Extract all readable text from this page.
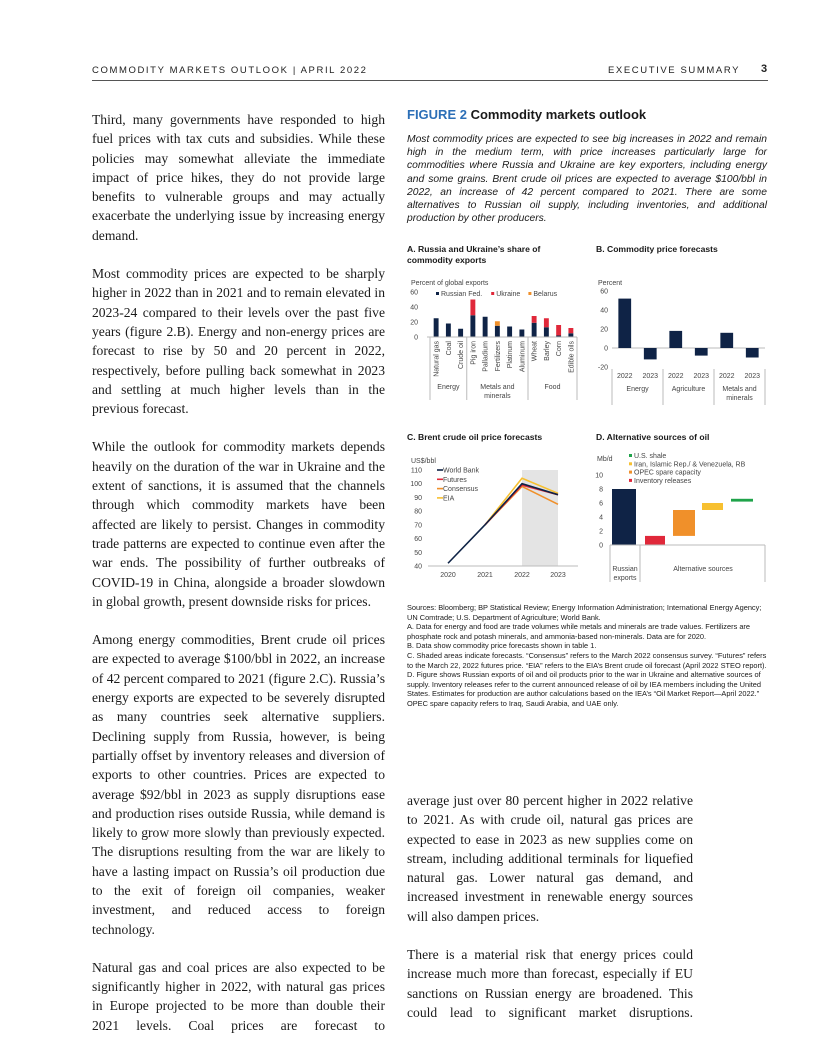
COMMODITY MARKETS OUTLOOK | APRIL 2022	EXECUTIVE SUMMARY 3

Third, many governments have responded to high fuel prices with tax cuts and subsidies. While these policies may somewhat alleviate the immediate impact of price hikes, they do not provide large benefits to vulnerable groups and may actually exacerbate the underlying issue by increasing energy demand.

Most commodity prices are expected to be sharply higher in 2022 than in 2021 and to remain elevated in 2023-24 compared to their levels over the past five years (figure 2.B). Energy and non-energy prices are forecast to rise by 50 and 20 percent in 2022, respectively, before pulling back somewhat in 2023 and settling at much higher levels than in the previous forecast.

While the outlook for commodity markets depends heavily on the duration of the war in Ukraine and the extent of sanctions, it is assumed that the channels through which commodity markets have been affected are likely to persist. Changes in commodity trade patterns are expected to continue even after the war ends. The possibility of further outbreaks of COVID-19 in China, alongside a broader slowdown in global growth, present downside risks for prices.

Among energy commodities, Brent crude oil prices are expected to average $100/bbl in 2022, an increase of 42 percent compared to 2021 (figure 2.C). Russia’s energy exports are expected to be severely disrupted as many countries seek alternative suppliers. Declining supply from Russia, however, is being partially offset by inventory releases and diversion of exports to other countries. Prices are expected to average $92/bbl in 2023 as supply disruptions ease and production rises outside Russia, while demand is likely to grow more slowly than previously expected. The disruptions resulting from the war are likely to have a lasting impact on Russia’s oil production due to the exit of foreign oil companies, weaker investment, and reduced access to foreign technology.

Natural gas and coal prices are also expected to be significantly higher in 2022, with natural gas prices in Europe projected to be more than double their 2021 levels. Coal prices are forecast to

average just over 80 percent higher in 2022 relative to 2021. As with crude oil, natural gas prices are expected to ease in 2023 as new supplies come on stream, including additional terminals for liquefied natural gas. Lower natural gas demand, and increased investment in renewable energy sources will also dampen prices.

There is a material risk that energy prices could increase much more than forecast, especially if EU sanctions on Russian energy are broadened. This could lead to significant market disruptions.

FIGURE 2 Commodity markets outlook
Most commodity prices are expected to see big increases in 2022 and remain high in the medium term, with price increases particularly large for commodities where Russia and Ukraine are key exporters, including energy and some grains. Brent crude oil prices are expected to average $100/bbl in 2022, an increase of 42 percent compared to 2021. There are some alternatives to Russian oil supply, including inventories, and additional production by other producers.
A. Russia and Ukraine’s share of commodity exports
B. Commodity price forecasts
C. Brent crude oil price forecasts	D. Alternative sources of oil
Percent of global exports
0
20
40
60
Natural gas Coal Crude oil Pig iron Palladium Fertilizers Platinum Aluminum Wheat Barley Corn Edible oils
Energy	Metals and
minerals
Food
Russian Fed. Ukraine Belarus
Percent
-20
0
20
40
60
2022 2023 2022 2023 2022 2023
Energy	Agriculture Metals and
minerals
US$/bbl
40
50
60
70
80
90
100
110
2020	2021	2022	2023
World Bank
Futures
Consensus
EIA
Mb/d
0
2
4
6
8
10
Russian
exports
Alternative sources
U.S. shale
Iran, Islamic Rep./ & Venezuela, RB
OPEC spare capacity
Inventory releases
Sources: Bloomberg; BP Statistical Review; Energy Information Administration; International Energy Agency; UN Comtrade; U.S. Department of Agriculture; World Bank.
A. Data for energy and food are trade volumes while metals and minerals are trade values. Fertilizers are phosphate rock and potash minerals, and ammonia-based non-minerals. Data are for 2020.
B. Data show commodity price forecasts shown in table 1.
C. Shaded areas indicate forecasts. “Consensus” refers to the March 2022 consensus survey. “Futures” refers to the March 22, 2022 futures price. “EIA” refers to the EIA’s Brent crude oil forecast (April 2022 STEO report).
D. Figure shows Russian exports of oil and oil products prior to the war in Ukraine and alternative sources of supply. Inventory releases refer to the current announced release of oil by IEA members including the United States. Estimates for production are author calculations based on the IEA’s “Oil Market Report—April 2022.” OPEC spare capacity refers to Iraq, Saudi Arabia, and UAE only.
